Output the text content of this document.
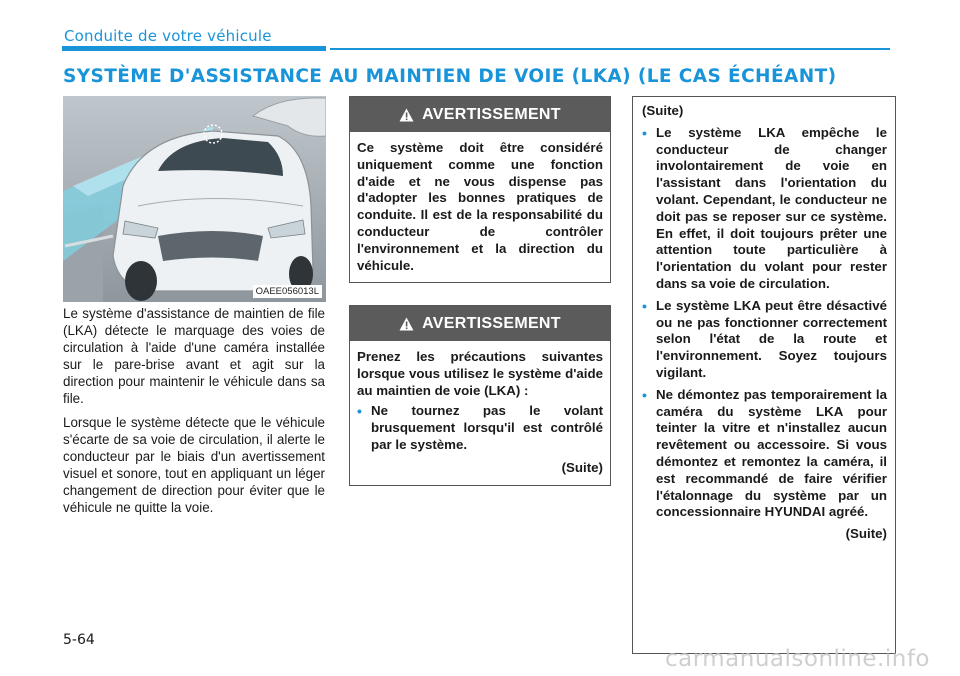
Conduite de votre véhicule
SYSTÈME D'ASSISTANCE AU MAINTIEN DE VOIE (LKA) (LE CAS ÉCHÉANT)
OAEE056013L

Le système d'assistance de maintien de file (LKA) détecte le marquage des voies de circulation à l'aide d'une caméra installée sur le pare-brise avant et agit sur la direction pour maintenir le véhicule dans sa file.

Lorsque le système détecte que le véhicule s'écarte de sa voie de circulation, il alerte le conducteur par le biais d'un avertissement visuel et sonore, tout en appliquant un léger changement de direction pour éviter que le véhicule ne quitte la voie.

AVERTISSEMENT
Ce système doit être considéré uniquement comme une fonction d'aide et ne vous dispense pas d'adopter les bonnes pratiques de conduite. Il est de la responsabilité du conducteur de contrôler l'environnement et la direction du véhicule.
AVERTISSEMENT
Prenez les précautions suivantes lorsque vous utilisez le système d'aide au maintien de voie (LKA) :
• Ne tournez pas le volant brusquement lorsqu'il est contrôlé par le système.
(Suite)
(Suite)
• Le système LKA empêche le conducteur de changer involontairement de voie en l'assistant dans l'orientation du volant. Cependant, le conducteur ne doit pas se reposer sur ce système. En effet, il doit toujours prêter une attention toute particulière à l'orientation du volant pour rester dans sa voie de circulation.
• Le système LKA peut être désactivé ou ne pas fonctionner correctement selon l'état de la route et l'environnement. Soyez toujours vigilant.
• Ne démontez pas temporairement la caméra du système LKA pour teinter la vitre et n'installez aucun revêtement ou accessoire. Si vous démontez et remontez la caméra, il est recommandé de faire vérifier l'étalonnage du système par un concessionnaire HYUNDAI agréé.
(Suite)
5-64
carmanualsonline.info
